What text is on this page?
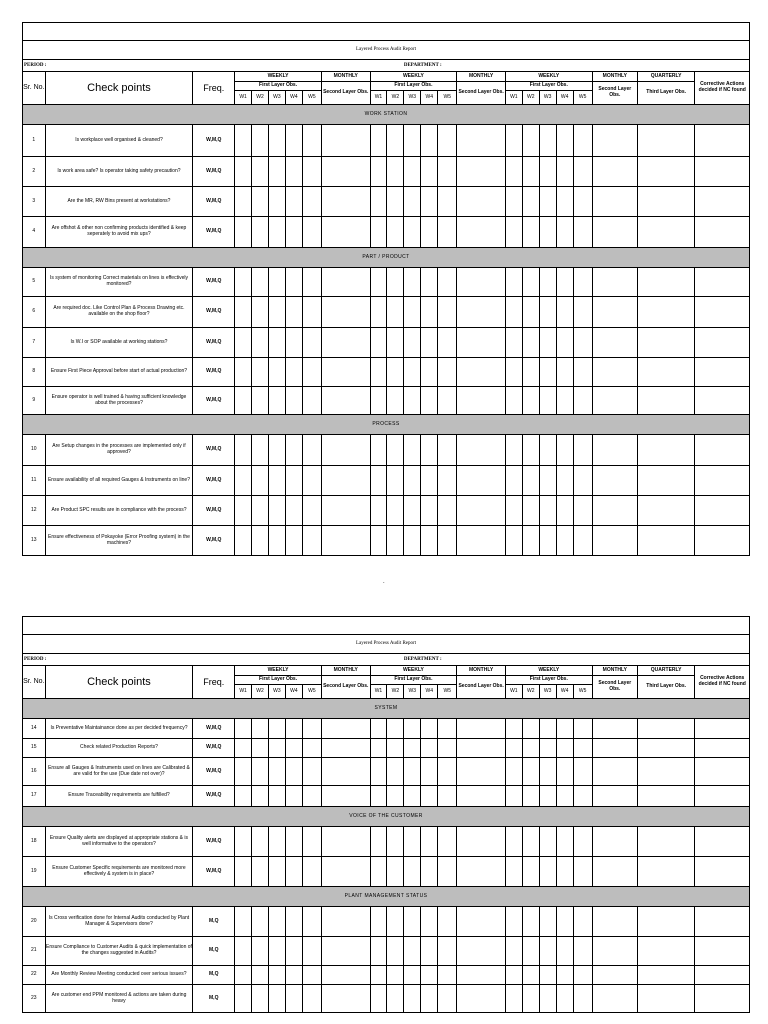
Layered Process Audit Report																						
PERIOD :											DEPARTMENT :											
Sr. No.	Check points	Freq.	WEEKLY					MONTHLY	WEEKLY					MONTHLY	WEEKLY					MONTHLY	QUARTERLY	Corrective Actions decided if NC found
			First Layer Obs.					Second Layer Obs.	First Layer Obs.					Second Layer Obs.	First Layer Obs.					Second Layer Obs.	Third Layer Obs.	
			W1	W2	W3	W4	W5		W1	W2	W3	W4	W5		W1	W2	W3	W4	W5			
WORK STATION																						
1	Is workplace well organised & cleaned?	W,M,Q																				
2	Is work area safe? Is operator taking safety precaution?	W,M,Q																				
3	Are the MR, RW Bins present at workstations?	W,M,Q																				
4	Are offshot & other non confirming products identified & keep seperately to avoid mix ups?	W,M,Q																				
PART / PRODUCT																						
5	Is system of monitoring Correct materials on lines is effectively monitored?	W,M,Q																				
6	Are required doc. Like Control Plan & Process Drawing etc. available on the shop floor?	W,M,Q																				
7	Is W.I or SOP available at working stations?	W,M,Q																				
8	Ensure First Piece Approval before start of actual production?	W,M,Q																				
9	Ensure operator is well trained & having sufficient knowledge about the processes?	W,M,Q																				
PROCESS																						
10	Are Setup changes in the processes are implemented only if approved?	W,M,Q																				
11	Ensure availability of all required Gauges & Instruments on line?	W,M,Q																				
12	Are Product SPC results are in compliance with the process?	W,M,Q																				
13	Ensure effectiveness of Pokayoke (Error Proofing system) in the machines?	W,M,Q																				
.

Layered Process Audit Report																						
PERIOD :											DEPARTMENT :											
Sr. No.	Check points	Freq.	WEEKLY					MONTHLY	WEEKLY					MONTHLY	WEEKLY					MONTHLY	QUARTERLY	Corrective Actions decided if NC found
			First Layer Obs.					Second Layer Obs.	First Layer Obs.					Second Layer Obs.	First Layer Obs.					Second Layer Obs.	Third Layer Obs.	
			W1	W2	W3	W4	W5		W1	W2	W3	W4	W5		W1	W2	W3	W4	W5			
SYSTEM																						
14	Is Preventative Maintainance done as per decided frequency?	W,M,Q																				
15	Check related Production Reports?	W,M,Q																				
16	Ensure all Gauges & Instruments used on lines are Calibrated & are valid for the use (Due date not over)?	W,M,Q																				
17	Ensure Traceability requirements are fulfilled?	W,M,Q																				
VOICE OF THE CUSTOMER																						
18	Ensure Quality alerts are displayed at appropriate stations & is well informative to the operators?	W,M,Q																				
19	Ensure Customer Specific requirements are monitored more effectively & system is in place?	W,M,Q																				
PLANT MANAGEMENT STATUS																						
20	Is Cross verification done for Internal Audits conducted by Plant Manager & Supervisors done?	M,Q																				
21	Ensure Compliance to Customer Audits & quick implementation of the changes suggested in Audits?	M,Q																				
22	Are Monthly Review Meeting conducted over serious issues?	M,Q																				
23	Are customer end PPM monitored & actions are taken during heavy	M,Q																				
